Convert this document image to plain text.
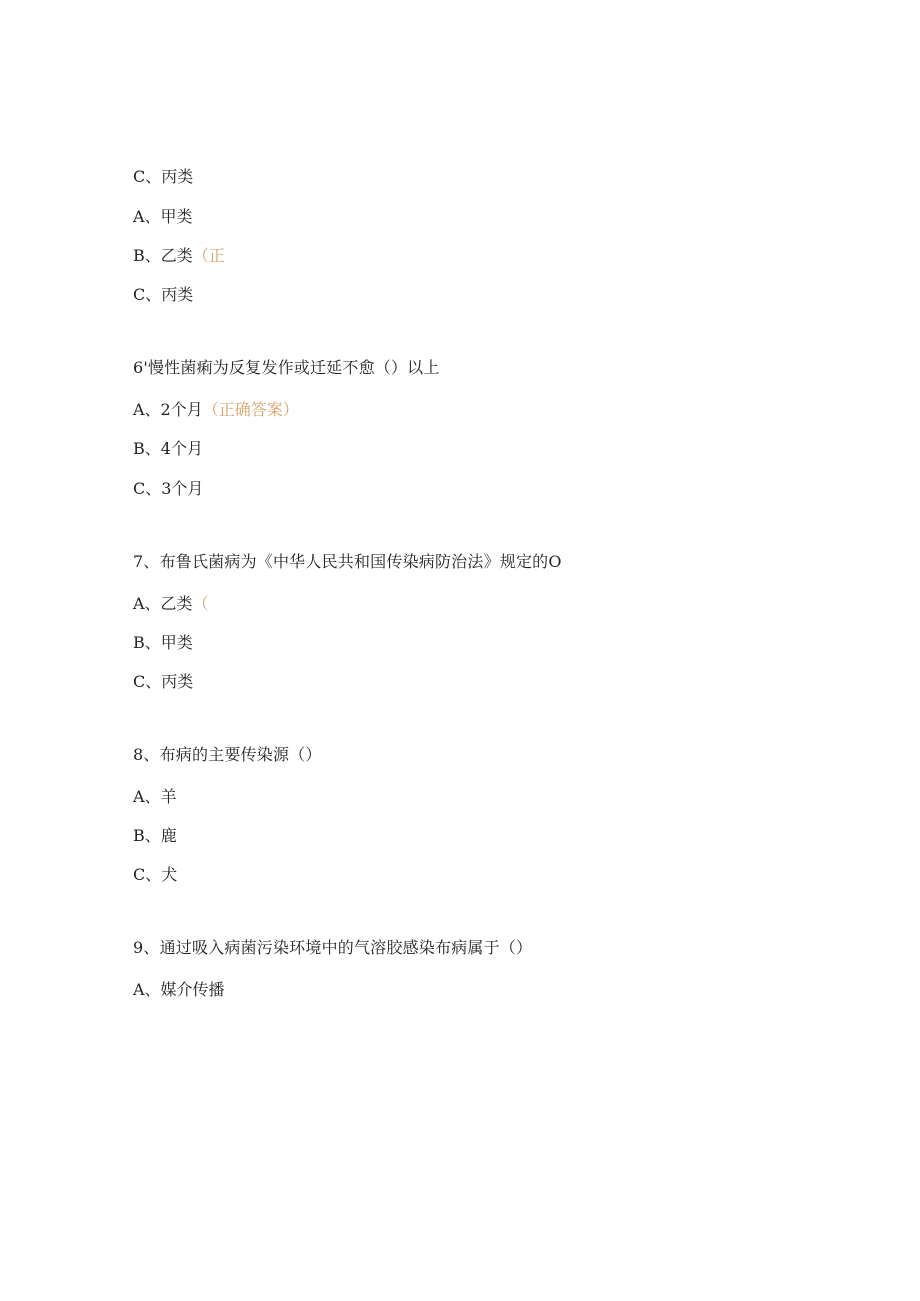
C、丙类
A、甲类
B、乙类（正
C、丙类
6'慢性菌痢为反复发作或迁延不愈（）以上
A、2个月（正确答案）
B、4个月
C、3个月
7、布鲁氏菌病为《中华人民共和国传染病防治法》规定的O
A、乙类（
B、甲类
C、丙类
8、布病的主要传染源（）
A、羊
B、鹿
C、犬
9、通过吸入病菌污染环境中的气溶胶感染布病属于（）
A、媒介传播
